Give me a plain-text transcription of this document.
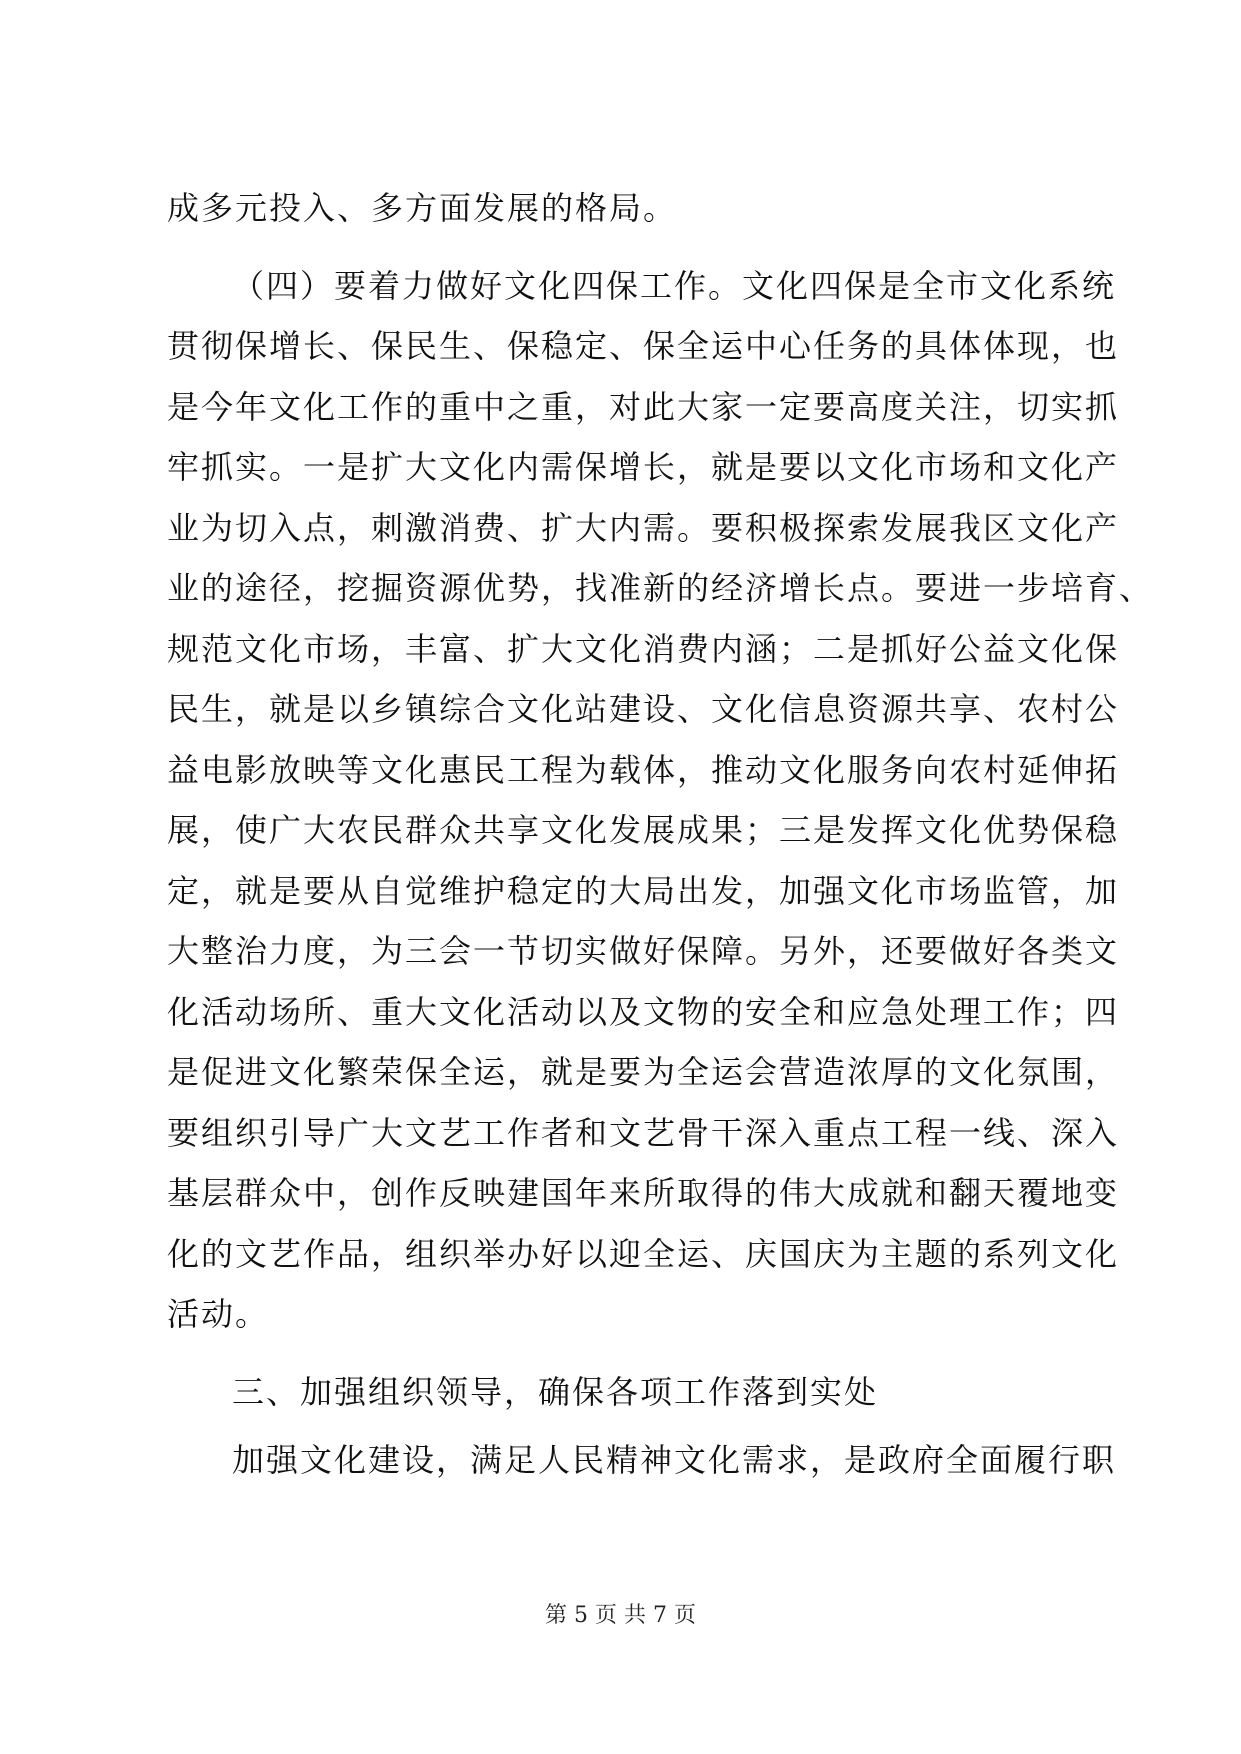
成多元投入、多方面发展的格局。
（四）要着力做好文化四保工作。文化四保是全市文化系统
贯彻保增长、保民生、保稳定、保全运中心任务的具体体现，也
是今年文化工作的重中之重，对此大家一定要高度关注，切实抓
牢抓实。一是扩大文化内需保增长，就是要以文化市场和文化产
业为切入点，刺激消费、扩大内需。要积极探索发展我区文化产
业的途径，挖掘资源优势，找准新的经济增长点。要进一步培育、
规范文化市场，丰富、扩大文化消费内涵；二是抓好公益文化保
民生，就是以乡镇综合文化站建设、文化信息资源共享、农村公
益电影放映等文化惠民工程为载体，推动文化服务向农村延伸拓
展，使广大农民群众共享文化发展成果；三是发挥文化优势保稳
定，就是要从自觉维护稳定的大局出发，加强文化市场监管，加
大整治力度，为三会一节切实做好保障。另外，还要做好各类文
化活动场所、重大文化活动以及文物的安全和应急处理工作；四
是促进文化繁荣保全运，就是要为全运会营造浓厚的文化氛围，
要组织引导广大文艺工作者和文艺骨干深入重点工程一线、深入
基层群众中，创作反映建国年来所取得的伟大成就和翻天覆地变
化的文艺作品，组织举办好以迎全运、庆国庆为主题的系列文化
活动。
三、加强组织领导，确保各项工作落到实处
加强文化建设，满足人民精神文化需求，是政府全面履行职
第 5 页 共 7 页
